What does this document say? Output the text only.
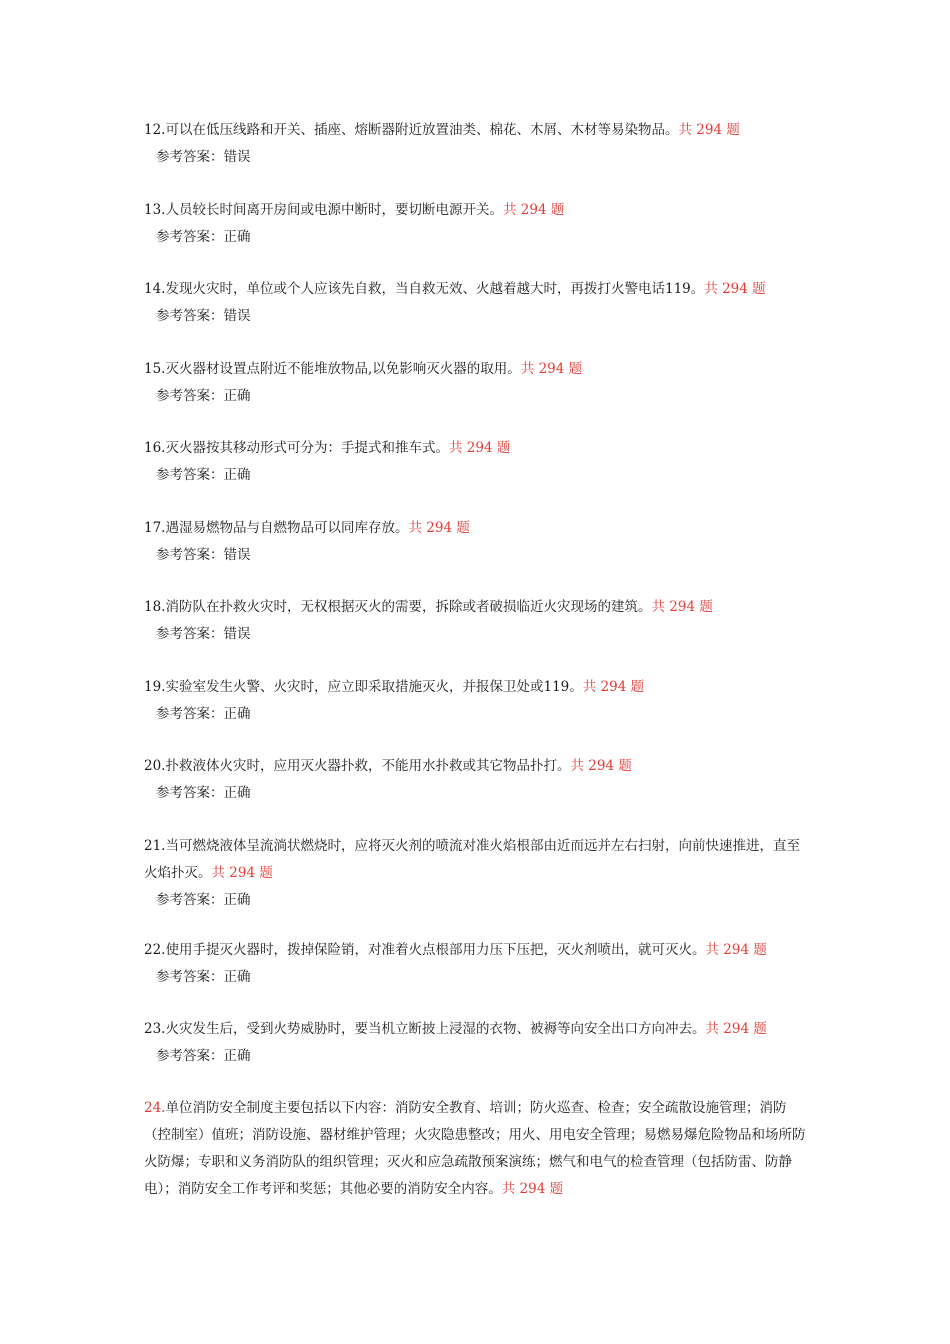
12.可以在低压线路和开关、插座、熔断器附近放置油类、棉花、木屑、木材等易染物品。共 294 题

参考答案：错误

13.人员较长时间离开房间或电源中断时，要切断电源开关。共 294 题

参考答案：正确

14.发现火灾时，单位或个人应该先自救，当自救无效、火越着越大时，再拨打火警电话119。共 294 题

参考答案：错误

15.灭火器材设置点附近不能堆放物品,以免影响灭火器的取用。共 294 题

参考答案：正确

16.灭火器按其移动形式可分为：手提式和推车式。共 294 题

参考答案：正确

17.遇湿易燃物品与自燃物品可以同库存放。共 294 题

参考答案：错误

18.消防队在扑救火灾时，无权根据灭火的需要，拆除或者破损临近火灾现场的建筑。共 294 题

参考答案：错误

19.实验室发生火警、火灾时，应立即采取措施灭火，并报保卫处或119。共 294 题

参考答案：正确

20.扑救液体火灾时，应用灭火器扑救，不能用水扑救或其它物品扑打。共 294 题

参考答案：正确

21.当可燃烧液体呈流淌状燃烧时，应将灭火剂的喷流对准火焰根部由近而远并左右扫射，向前快速推进，直至火焰扑灭。共 294 题

参考答案：正确

22.使用手提灭火器时，拨掉保险销，对准着火点根部用力压下压把，灭火剂喷出，就可灭火。共 294 题

参考答案：正确

23.火灾发生后，受到火势威胁时，要当机立断披上浸湿的衣物、被褥等向安全出口方向冲去。共 294 题

参考答案：正确

24.单位消防安全制度主要包括以下内容：消防安全教育、培训；防火巡查、检查；安全疏散设施管理；消防（控制室）值班；消防设施、器材维护管理；火灾隐患整改；用火、用电安全管理；易燃易爆危险物品和场所防火防爆；专职和义务消防队的组织管理；灭火和应急疏散预案演练；燃气和电气的检查管理（包括防雷、防静电）；消防安全工作考评和奖惩；其他必要的消防安全内容。共 294 题
